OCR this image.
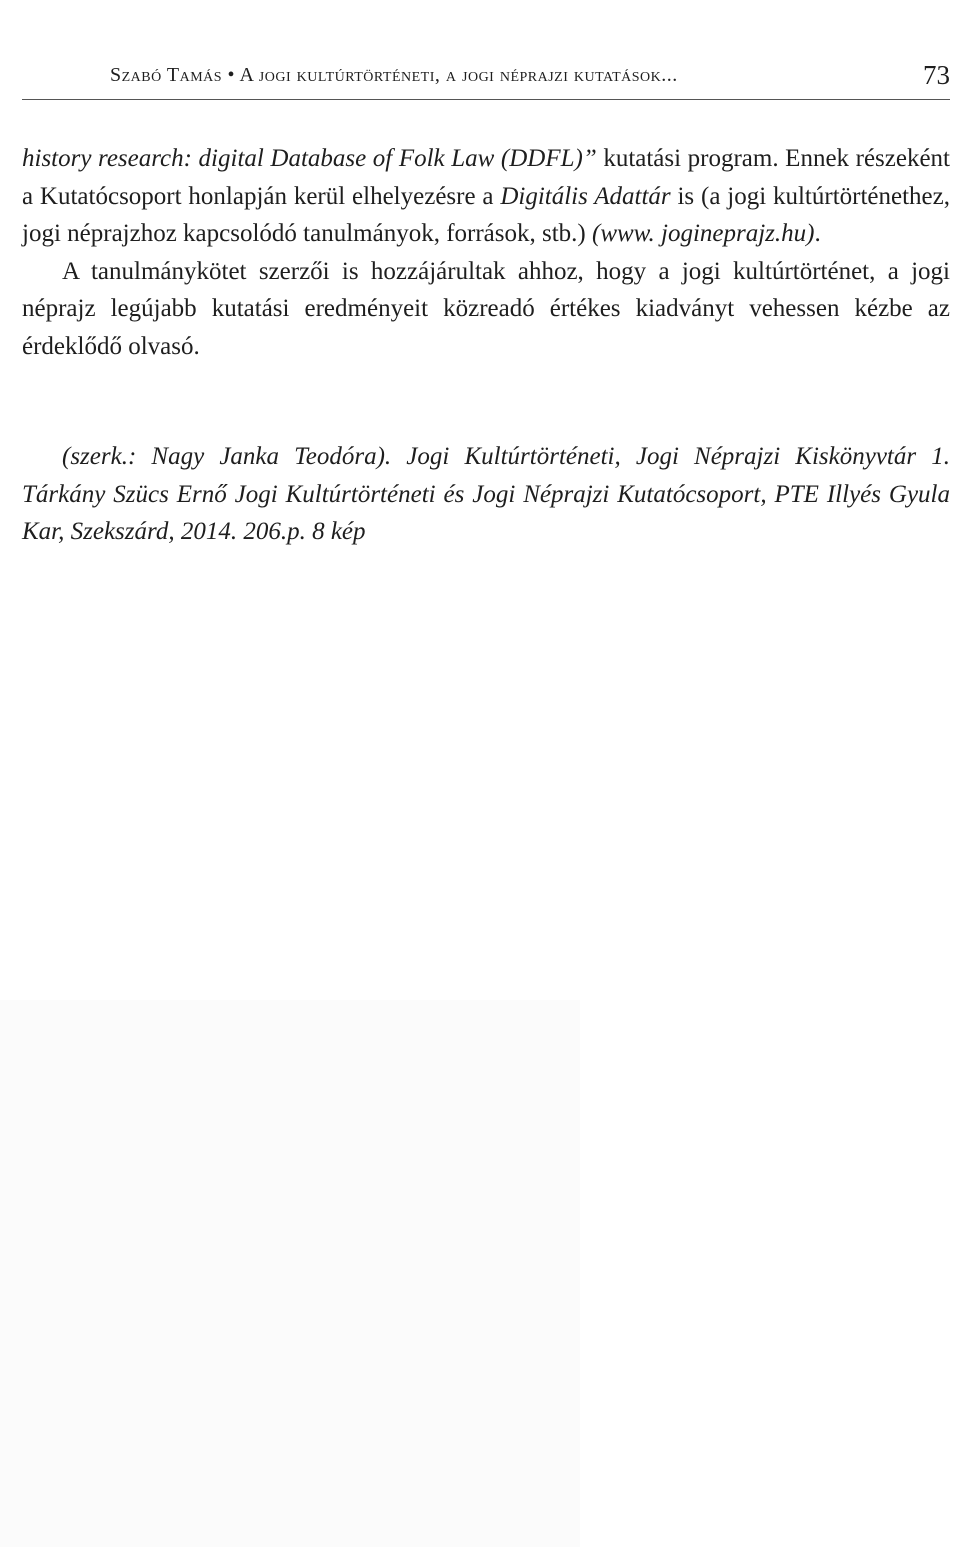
Szabó Tamás • A jogi kultúrtörténeti, a jogi néprajzi kutatások...	73

history research: digital Database of Folk Law (DDFL)” kutatási program. Ennek részeként a Kutatócsoport honlapján kerül elhelyezésre a Digitális Adattár is (a jogi kultúrtörténethez, jogi néprajzhoz kapcsolódó tanulmányok, források, stb.) (www. jogineprajz.hu).

A tanulmánykötet szerzői is hozzájárultak ahhoz, hogy a jogi kultúrtörténet, a jogi néprajz legújabb kutatási eredményeit közreadó értékes kiadványt vehessen kézbe az érdeklődő olvasó.

(szerk.: Nagy Janka Teodóra). Jogi Kultúrtörténeti, Jogi Néprajzi Kiskönyvtár 1. Tárkány Szücs Ernő Jogi Kultúrtörténeti és Jogi Néprajzi Kutatócsoport, PTE Illyés Gyula Kar, Szekszárd, 2014. 206.p. 8 kép
